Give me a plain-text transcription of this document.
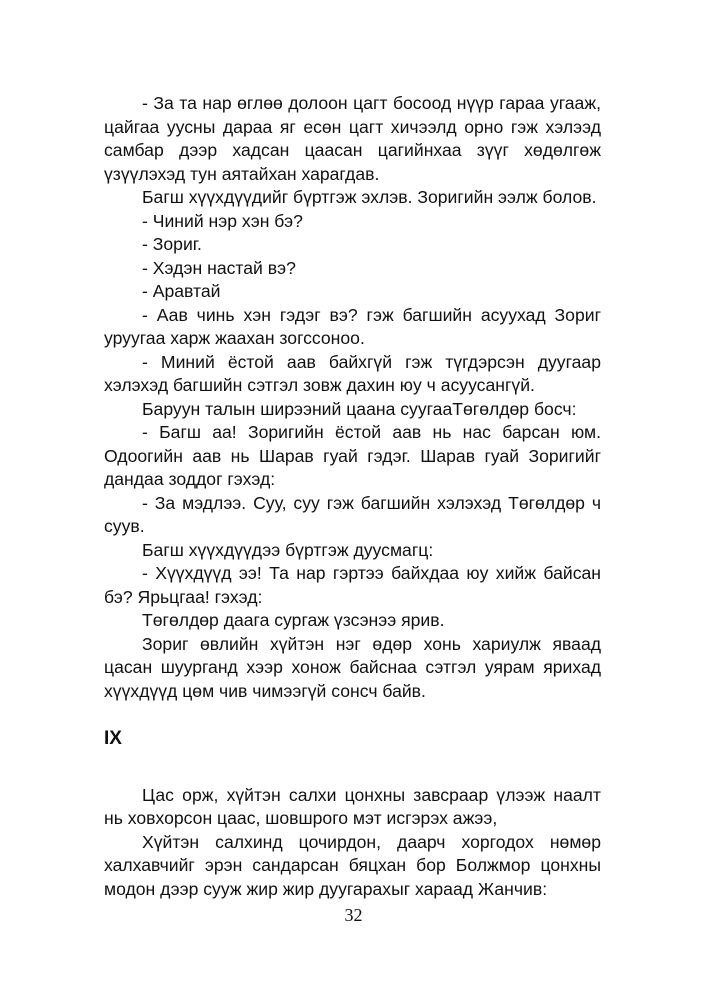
- За та нар өглөө долоон цагт босоод нүүр гараа угааж, цайгаа уусны дараа яг есөн цагт хичээлд орно гэж хэлээд самбар дээр хадсан цаасан цагийнхаа зүүг хөдөлгөж үзүүлэхэд тун аятайхан харагдав.

Багш хүүхдүүдийг бүртгэж эхлэв. Зоригийн ээлж болов.

- Чиний нэр хэн бэ?

- Зориг.

- Хэдэн настай вэ?

- Аравтай

- Аав чинь хэн гэдэг вэ? гэж багшийн асуухад Зориг уруугаа харж жаахан зогссоноо.

- Миний ёстой аав байхгүй гэж түгдэрсэн дуугаар хэлэхэд багшийн сэтгэл зовж дахин юу ч асуусангүй.

Баруун талын ширээний цаана суугааТөгөлдөр босч:

- Багш аа! Зоригийн ёстой аав нь нас барсан юм. Одоогийн аав нь Шарав гуай гэдэг. Шарав гуай Зоригийг дандаа зоддог гэхэд:

- За мэдлээ. Суу, суу гэж багшийн хэлэхэд Төгөлдөр ч суув.

Багш хүүхдүүдээ бүртгэж дуусмагц:

- Хүүхдүүд ээ! Та нар гэртээ байхдаа юу хийж байсан бэ? Ярьцгаа! гэхэд:

Төгөлдөр даага сургаж үзсэнээ ярив.

Зориг өвлийн хүйтэн нэг өдөр хонь хариулж яваад цасан шуурганд хээр хонож байснаа сэтгэл уярам ярихад хүүхдүүд цөм чив чимээгүй сонсч байв.

IX

Цас орж, хүйтэн салхи цонхны завсраар үлээж наалт нь ховхорсон цаас, шовшрого мэт исгэрэх ажээ,

Хүйтэн салхинд цочирдон, даарч хоргодох нөмөр халхавчийг эрэн сандарсан бяцхан бор Болжмор цонхны модон дээр сууж жир жир дуугарахыг хараад Жанчив:

32
